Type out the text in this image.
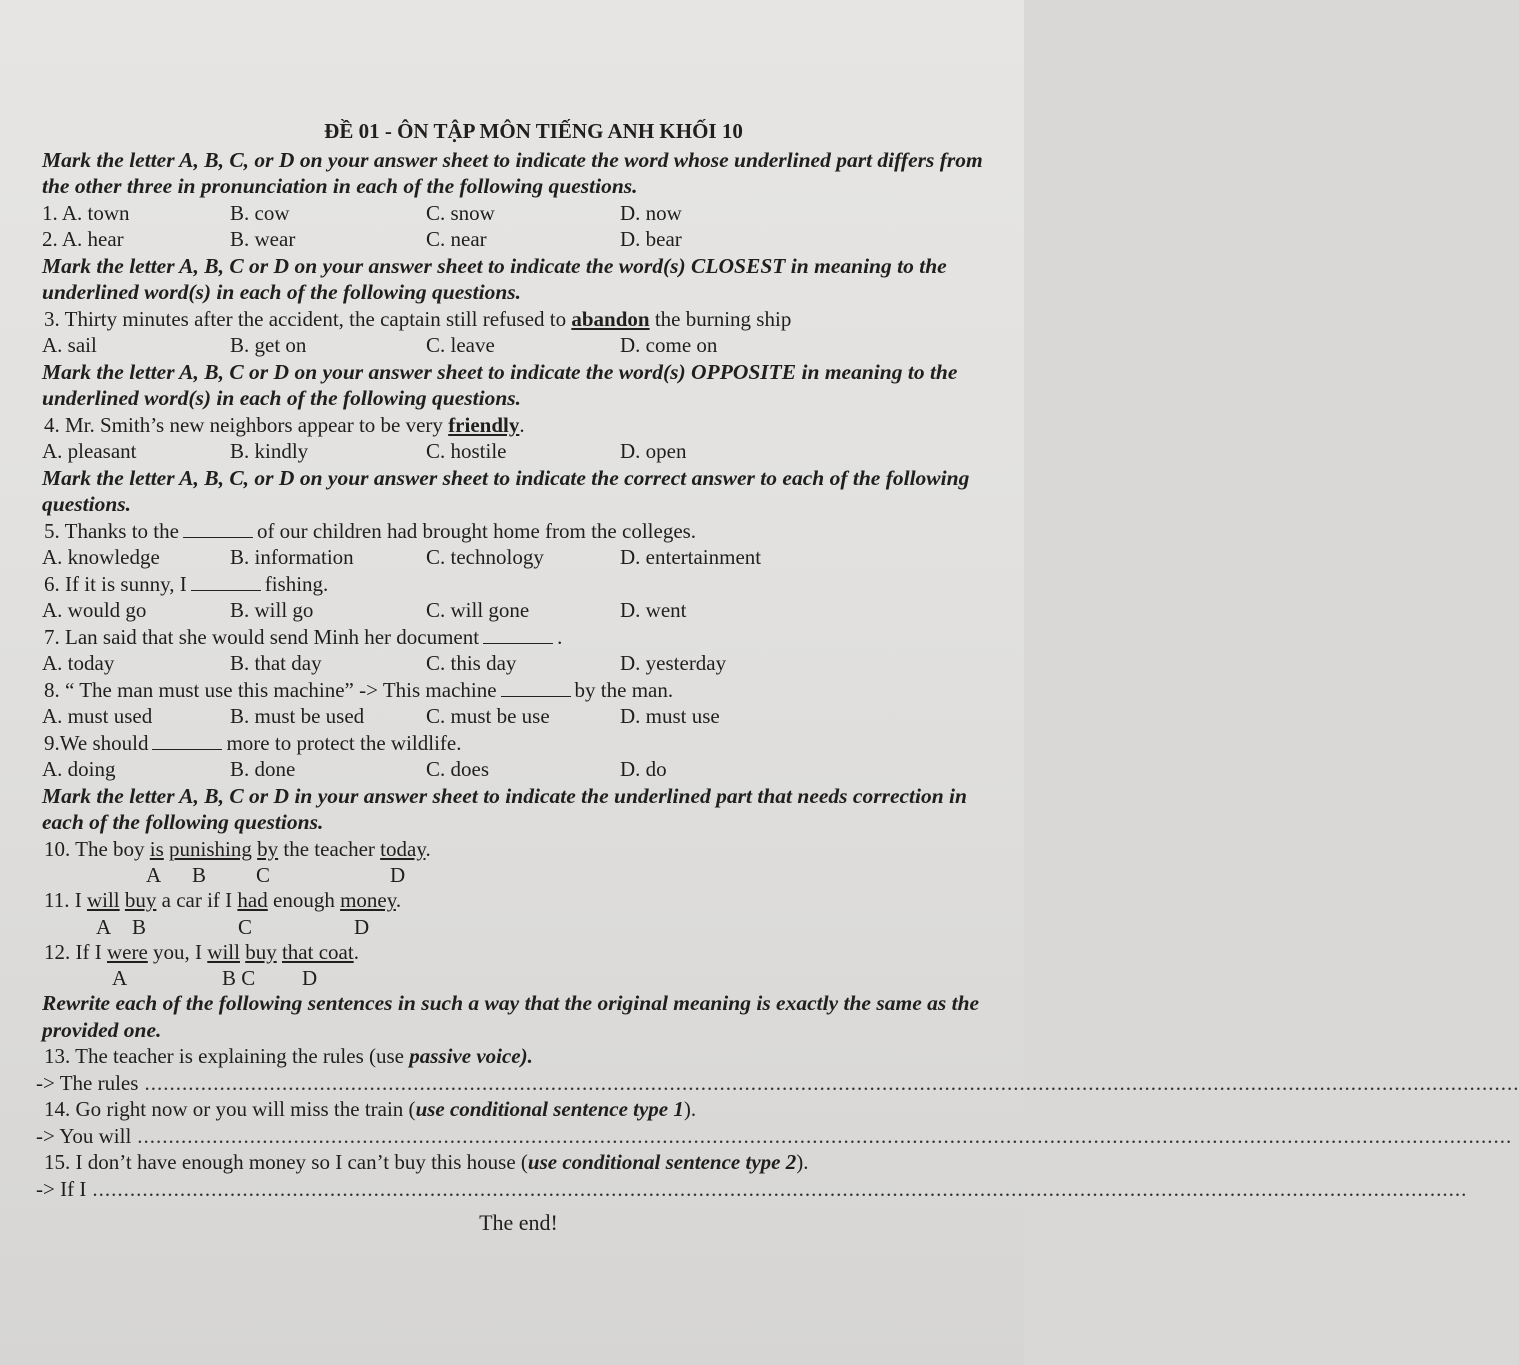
ĐỀ 01 - ÔN TẬP MÔN TIẾNG ANH KHỐI 10

Mark the letter A, B, C, or D on your answer sheet to indicate the word whose underlined part differs from the other three in pronunciation in each of the following questions.

1. A. town	B. cow	C. snow	D. now
2. A. hear	B. wear	C. near	D. bear

Mark the letter A, B, C or D on your answer sheet to indicate the word(s) CLOSEST in meaning to the underlined word(s) in each of the following questions.

3. Thirty minutes after the accident, the captain still refused to abandon the burning ship

A. sail	B. get on	C. leave	D. come on

Mark the letter A, B, C or D on your answer sheet to indicate the word(s) OPPOSITE in meaning to the underlined word(s) in each of the following questions.

4. Mr. Smith’s new neighbors appear to be very friendly.

A. pleasant	B. kindly	C. hostile	D. open

Mark the letter A, B, C, or D on your answer sheet to indicate the correct answer to each of the following questions.

5. Thanks to the	of our children had brought home from the colleges.

A. knowledge	B. information	C. technology	D. entertainment

6. If it is sunny, I	fishing.

A. would go	B. will go	C. will gone	D. went

7. Lan said that she would send Minh her document	.

A. today	B. that day	C. this day	D. yesterday

8. “ The man must use this machine” -> This machine	by the man.

A. must used	B. must be used	C. must be use	D. must use

9.We should	more to protect the wildlife.

A. doing	B. done	C. does	D. do

Mark the letter A, B, C or D in your answer sheet to indicate the underlined part that needs correction in each of the following questions.

10. The boy is punishing by the teacher today.

A B C	D

11. I will buy a car if I had enough money.

A B	C	D

12. If I were you, I will buy that coat.

A	B C D

Rewrite each of the following sentences in such a way that the original meaning is exactly the same as the provided one.

13. The teacher is explaining the rules (use passive voice).

-> The rules ............................................................................................................................................................................................................................

14. Go right now or you will miss the train (use conditional sentence type 1).

-> You will ............................................................................................................................................................................................................................

15. I don’t have enough money so I can’t buy this house (use conditional sentence type 2).

-> If I ............................................................................................................................................................................................................................

The end!
